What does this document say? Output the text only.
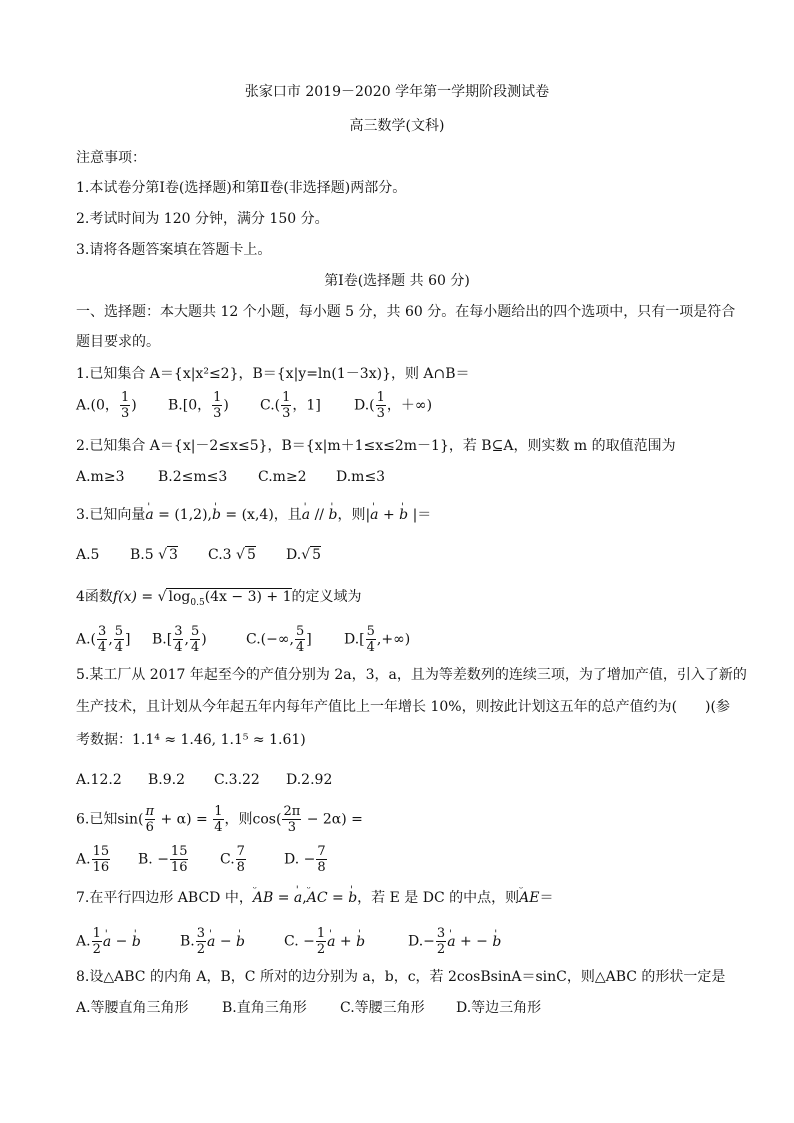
张家口市 2019－2020 学年第一学期阶段测试卷
高三数学(文科)
注意事项：
1.本试卷分第Ⅰ卷(选择题)和第Ⅱ卷(非选择题)两部分。
2.考试时间为 120 分钟，满分 150 分。
3.请将各题答案填在答题卡上。
第Ⅰ卷(选择题 共 60 分)
一、选择题：本大题共 12 个小题，每小题 5 分，共 60 分。在每小题给出的四个选项中，只有一项是符合
题目要求的。
1.已知集合 A＝{x|x²≤2}，B＝{x|y=ln(1－3x)}，则 A∩B＝
A.(0， $\frac{1}{3}$ ) B.[0， $\frac{1}{3}$ ) $C.( \frac{1}{3}$ ，1] $D.( \frac{1}{3}$ ，＋∞)
2.已知集合 A＝{x|－2≤x≤5}，B＝{x|m＋1≤x≤2m－1}，若 B⊆A，则实数 m 的取值范围为
A.m≥3 B.2≤m≤3 C.m≥2 D.m≤3
3.已知向量' a = (1,2),' b = (x,4)，且' a // ' b，则|' a + ' b |＝
A.5 B.5 √ 3 C.3 √ 5 D.√ 5
4函数f(x) = √ $\log_{0.5}(4x - 3) + 1$的定义域为
$A.( \frac{3}{4}$ , $\frac{5}{4}$ ] $B.[ \frac{3}{4}$ , $\frac{5}{4}$ )	C.(−∞, $\frac{5}{4}$ ] $D.[ \frac{5}{4}$ ,+∞)
5.某工厂从 2017 年起至今的产值分别为 2a，3，a，且为等差数列的连续三项，为了增加产值，引入了新的
生产技术，且计划从今年起五年内每年产值比上一年增长 10%，则按此计划这五年的总产值约为(　　)(参
考数据：1.1⁴ ≈ 1.46, 1.1⁵ ≈ 1.61)
A.12.2 B.9.2 C.3.22 D.2.92
6.已知$\sin( \frac{\pi}{6} + \alpha) = \frac{1}{4}$ ，则$\cos( \frac{2\pi}{3} - 2\alpha)$ =
A. $\frac{15}{16} B$. − $\frac{15}{16} C$. $\frac{7}{8}$	D. − $\frac{7}{8}$
7.在平行四边形 ABCD 中，ᵕ AB = ' a,ᵕ AC = ' b，若 E 是 DC 的中点，则ᵕ AE＝
A. $\frac{1}{2}$ ' a − ' b	B. $\frac{3}{2}$ ' a − ' b	C. − $\frac{1}{2}$ ' a + ' b	$D.- \frac{3}{2}$ ' a + − ' b
8.设△ABC 的内角 A，B，C 所对的边分别为 a，b，c，若 2cosBsinA＝sinC，则△ABC 的形状一定是
A.等腰直角三角形 B.直角三角形 C.等腰三角形 D.等边三角形
